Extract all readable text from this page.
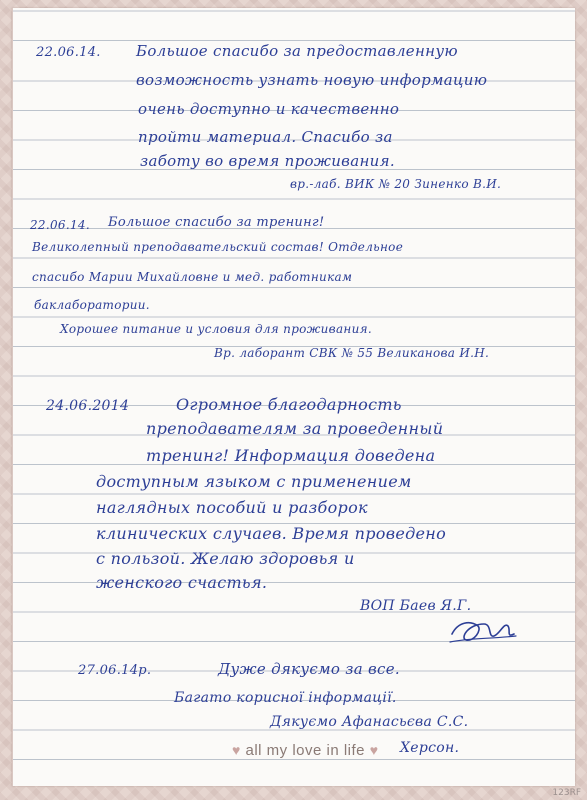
22.06.14. Большое спасибо за предоставленную
возможность узнать новую информацию
очень доступно и качественно
пройти материал. Спасибо за
заботу во время проживания.
вр.-лаб. ВИК № 20 Зиненко В.И.
22.06.14. Большое спасибо за тренинг!
Великолепный преподавательский состав! Отдельное
спасибо Марии Михайловне и мед. работникам
баклаборатории.
Хорошее питание и условия для проживания.
Вр. лаборант СВК № 55 Великанова И.Н.
24.06.2014	Огромное благодарность
преподавателям за проведенный
тренинг! Информация доведена
доступным языком с применением
наглядных пособий и разборок
клинических случаев. Время проведено
с пользой. Желаю здоровья и
женского счастья.
ВОП Баев Я.Г.
27.06.14р.	Дуже дякуємо за все.
Багато корисної інформації.
Дякуємо Афанасьєва С.С.
Херсон.
♥ all my love in life ♥
123RF
